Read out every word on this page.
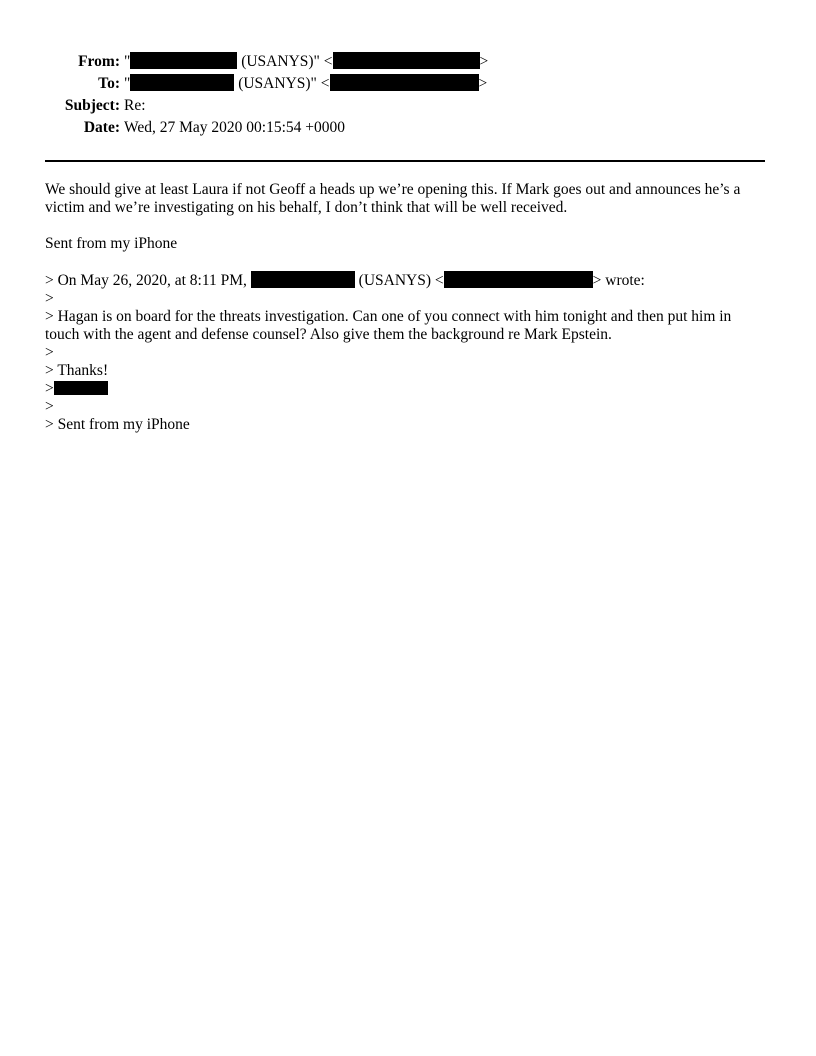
From: "	(USANYS)" <	>
To: "	(USANYS)" <	>
Subject: Re:
Date: Wed, 27 May 2020 00:15:54 +0000

We should give at least Laura if not Geoff a heads up we’re opening this. If Mark goes out and announces he’s a victim and we’re investigating on his behalf, I don’t think that will be well received.

Sent from my iPhone

> On May 26, 2020, at 8:11 PM,	(USANYS) <	> wrote:

>

> Hagan is on board for the threats investigation. Can one of you connect with him tonight and then put him in touch with the agent and defense counsel? Also give them the background re Mark Epstein.

>

> Thanks!

>

>

> Sent from my iPhone
